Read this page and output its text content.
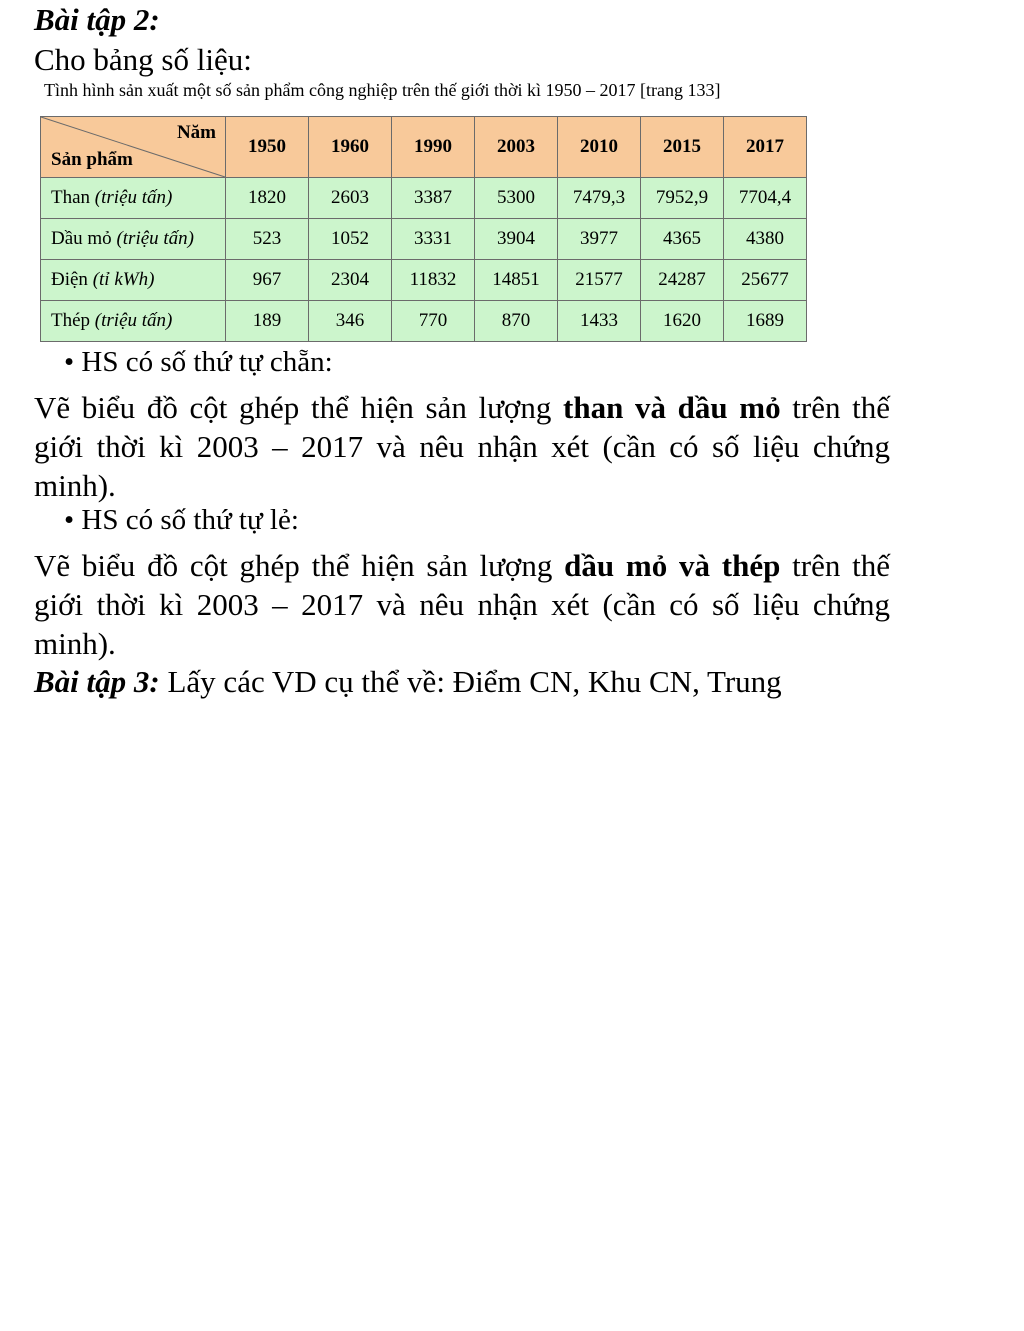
Bài tập 2:
Cho bảng số liệu:
Tình hình sản xuất một số sản phẩm công nghiệp trên thế giới thời kì 1950 – 2017 [trang 133]
Năm
Sản phẩm	1950	1960	1990	2003	2010	2015	2017
Than (triệu tấn)	1820	2603	3387	5300	7479,3	7952,9	7704,4
Dầu mỏ (triệu tấn)	523	1052	3331	3904	3977	4365	4380
Điện (tỉ kWh)	967	2304	11832	14851	21577	24287	25677
Thép (triệu tấn)	189	346	770	870	1433	1620	1689
• HS có số thứ tự chẵn:
Vẽ biểu đồ cột ghép thể hiện sản lượng than và dầu mỏ trên thế giới thời kì 2003 – 2017 và nêu nhận xét (cần có số liệu chứng minh).
• HS có số thứ tự lẻ:
Vẽ biểu đồ cột ghép thể hiện sản lượng dầu mỏ và thép trên thế giới thời kì 2003 – 2017 và nêu nhận xét (cần có số liệu chứng minh).
Bài tập 3: Lấy các VD cụ thể về: Điểm CN, Khu CN, Trung
